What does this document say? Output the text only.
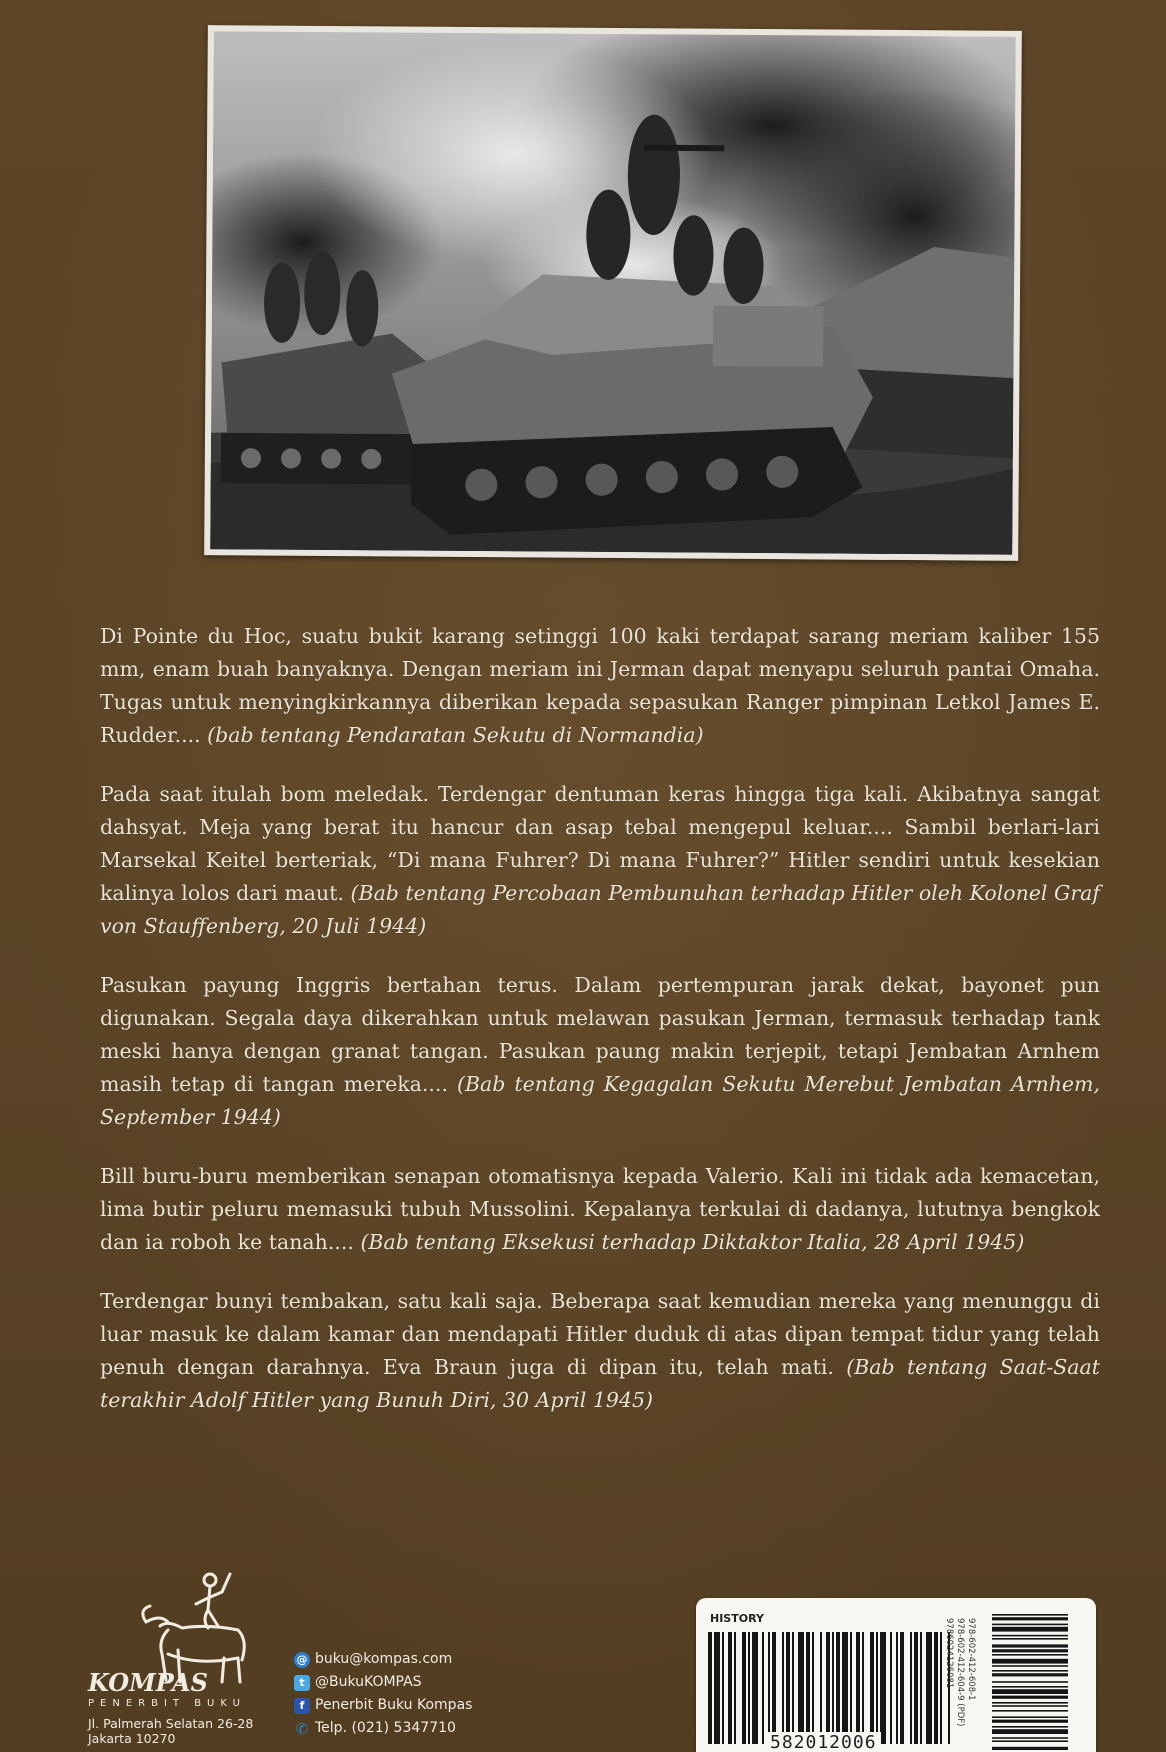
Di Pointe du Hoc, suatu bukit karang setinggi 100 kaki terdapat sarang meriam kaliber 155 mm, enam buah banyaknya. Dengan meriam ini Jerman dapat menyapu seluruh pantai Omaha. Tugas untuk menyingkirkannya diberikan kepada sepasukan Ranger pimpinan Letkol James E. Rudder.... (bab tentang Pendaratan Sekutu di Normandia)

Pada saat itulah bom meledak. Terdengar dentuman keras hingga tiga kali. Akibatnya sangat dahsyat. Meja yang berat itu hancur dan asap tebal mengepul keluar.... Sambil berlari-lari Marsekal Keitel berteriak, “Di mana Fuhrer? Di mana Fuhrer?” Hitler sendiri untuk kesekian kalinya lolos dari maut. (Bab tentang Percobaan Pembunuhan terhadap Hitler oleh Kolonel Graf von Stauffenberg, 20 Juli 1944)

Pasukan payung Inggris bertahan terus. Dalam pertempuran jarak dekat, bayonet pun digunakan. Segala daya dikerahkan untuk melawan pasukan Jerman, termasuk terhadap tank meski hanya dengan granat tangan. Pasukan paung makin terjepit, tetapi Jembatan Arnhem masih tetap di tangan mereka.... (Bab tentang Kegagalan Sekutu Merebut Jembatan Arnhem, September 1944)

Bill buru-buru memberikan senapan otomatisnya kepada Valerio. Kali ini tidak ada kemacetan, lima butir peluru memasuki tubuh Mussolini. Kepalanya terkulai di dadanya, lututnya bengkok dan ia roboh ke tanah.... (Bab tentang Eksekusi terhadap Diktaktor Italia, 28 April 1945)

Terdengar bunyi tembakan, satu kali saja. Beberapa saat kemudian mereka yang menunggu di luar masuk ke dalam kamar dan mendapati Hitler duduk di atas dipan tempat tidur yang telah penuh dengan darahnya. Eva Braun juga di dipan itu, telah mati. (Bab tentang Saat-Saat terakhir Adolf Hitler yang Bunuh Diri, 30 April 1945)

KOMPAS
PENERBIT BUKU
Jl. Palmerah Selatan 26-28
Jakarta 10270
@ buku@kompas.com
t @BukuKOMPAS
f Penerbit Buku Kompas
✆ Telp. (021) 5347710
HISTORY
582012006
978-602-412-608-1
978-602-412-604-9 (PDF)
9786024126081
